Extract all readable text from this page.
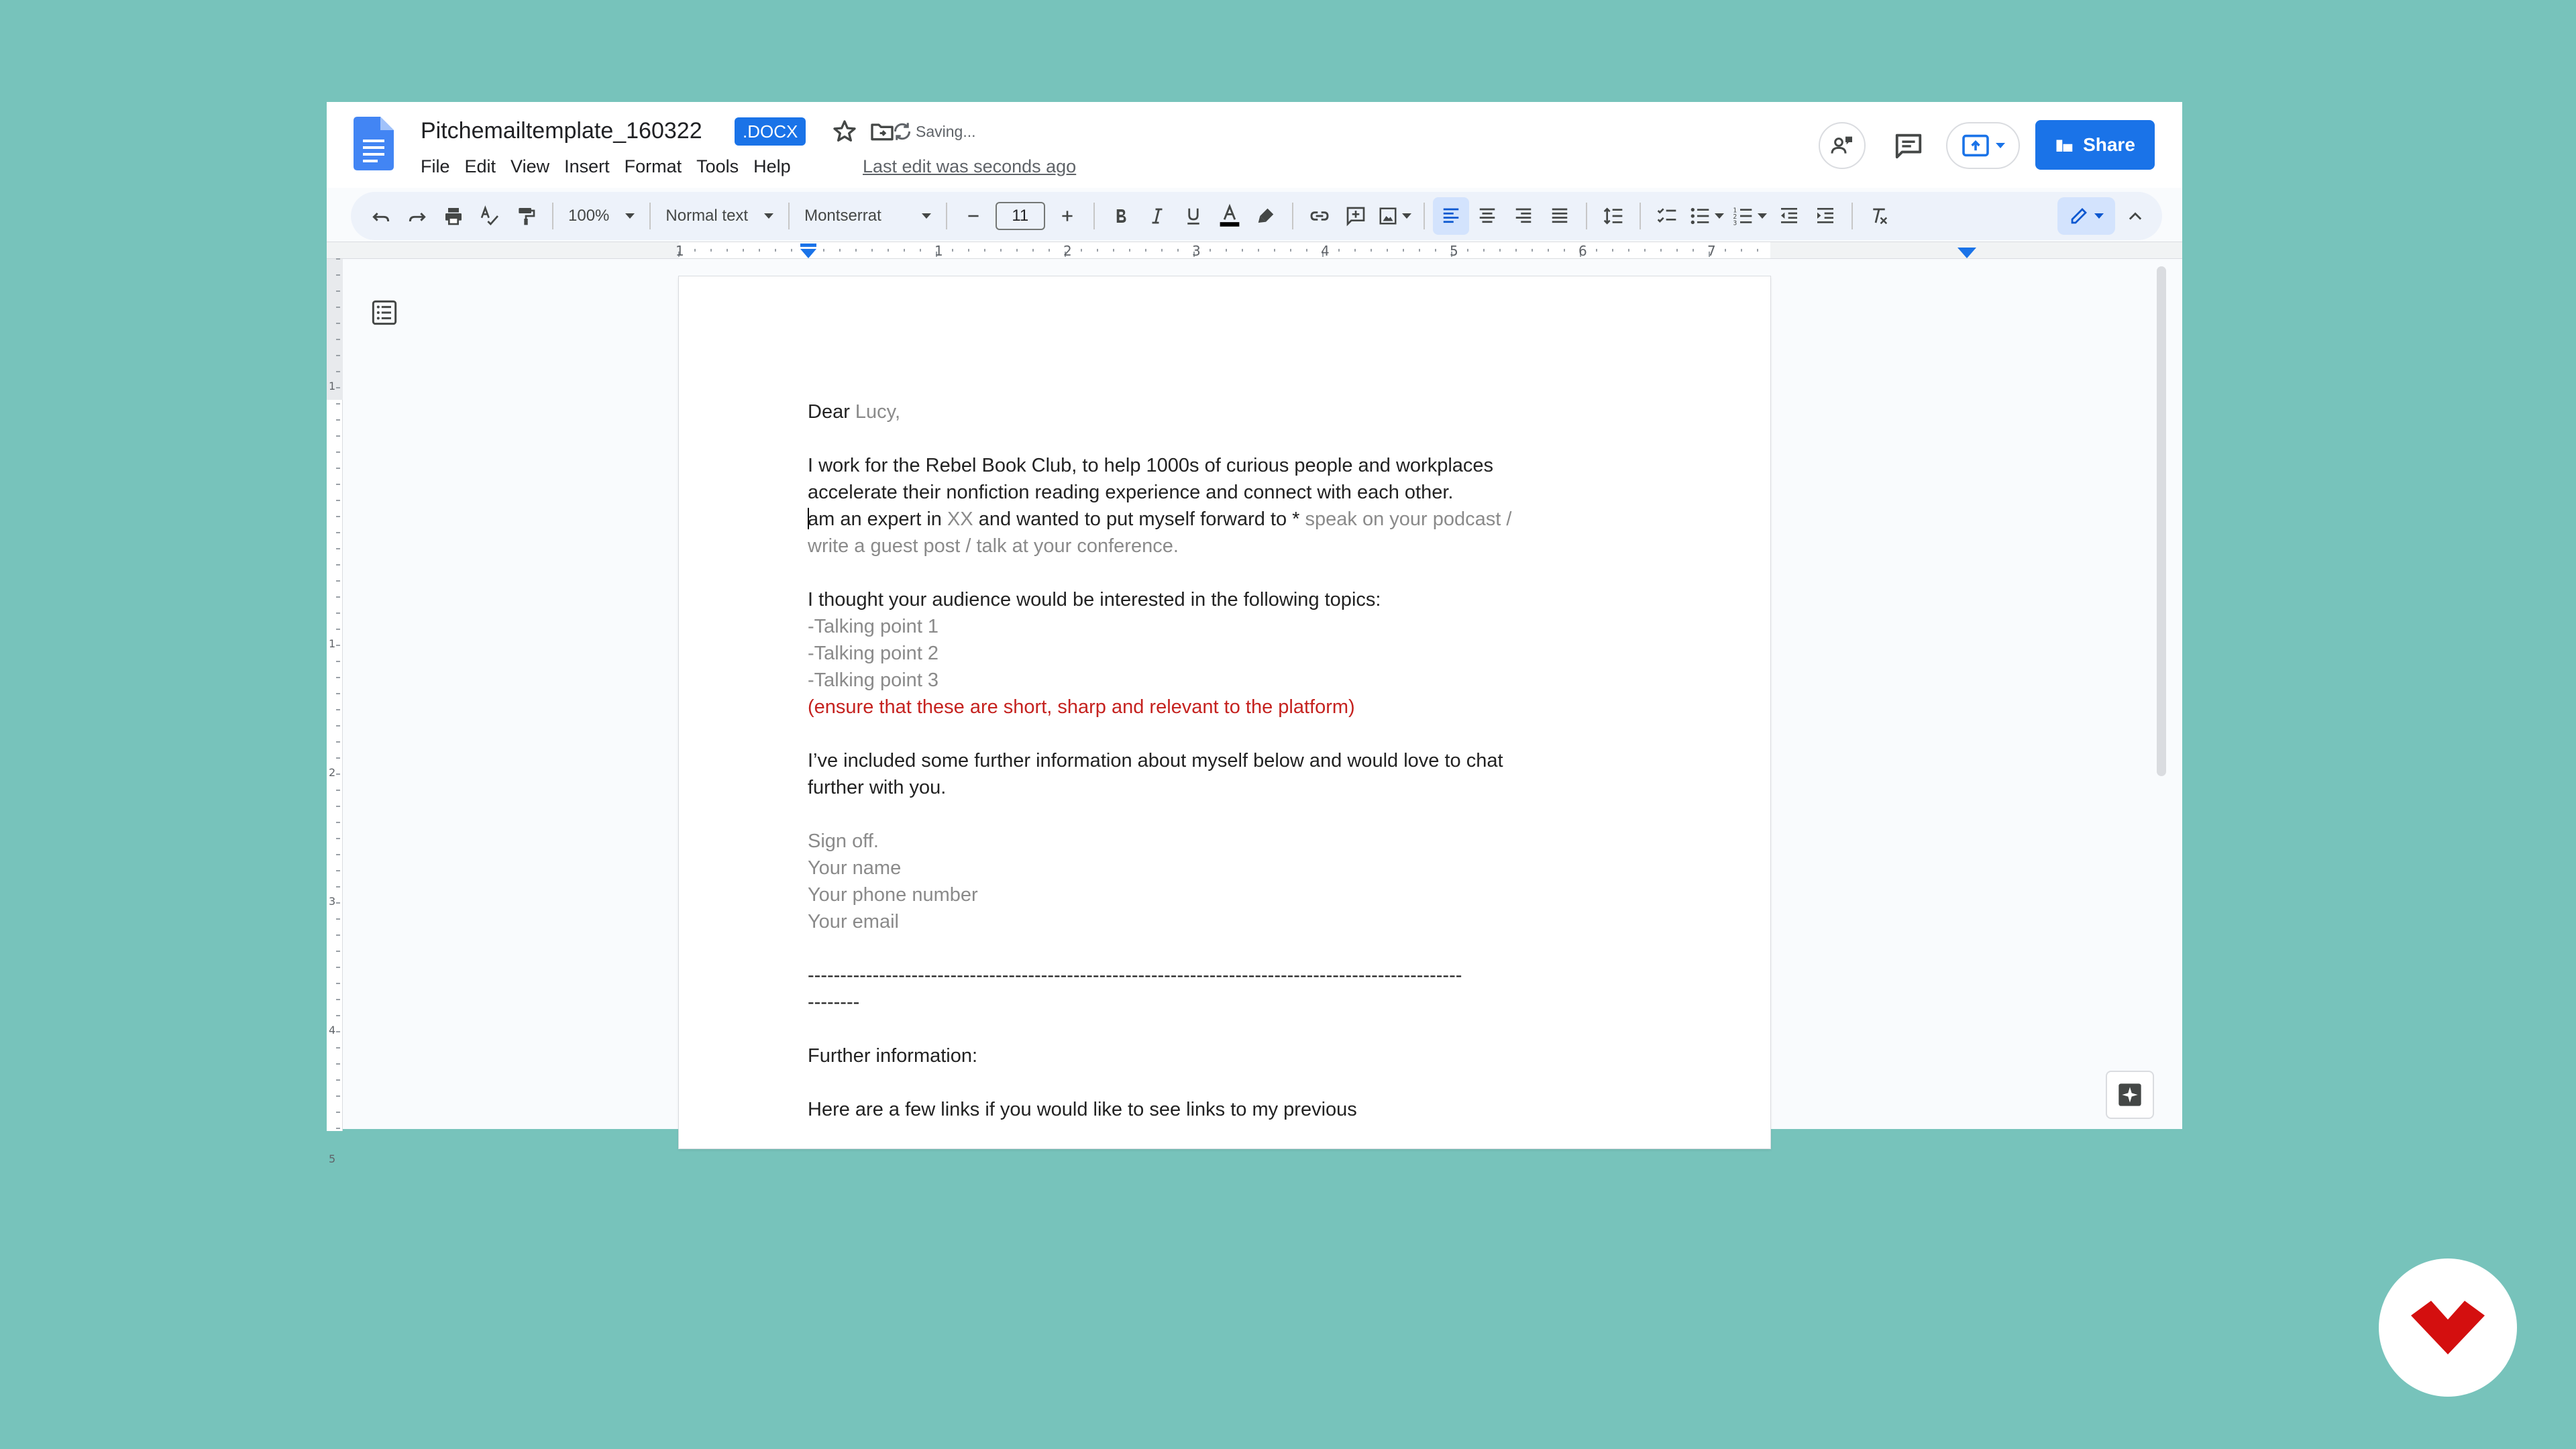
Pitchemailtemplate_160322	.DOCX	Saving...
File Edit View Insert Format Tools Help	Last edit was seconds ago
Share
100%	Normal text	Montserrat	11	1
2
3
1	1	2	3	4	5	6	7
1
1
2
3
4
5

Dear Lucy,

I work for the Rebel Book Club, to help 1000s of curious people and workplaces

accelerate their nonfiction reading experience and connect with each other.

am an expert in XX and wanted to put myself forward to * speak on your podcast /

write a guest post / talk at your conference.

I thought your audience would be interested in the following topics:

-Talking point 1

-Talking point 2

-Talking point 3

(ensure that these are short, sharp and relevant to the platform)

I’ve included some further information about myself below and would love to chat

further with you.

Sign off.

Your name

Your phone number

Your email

-----------------------------------------------------------------------------------------------------

--------

Further information:

Here are a few links if you would like to see links to my previous
